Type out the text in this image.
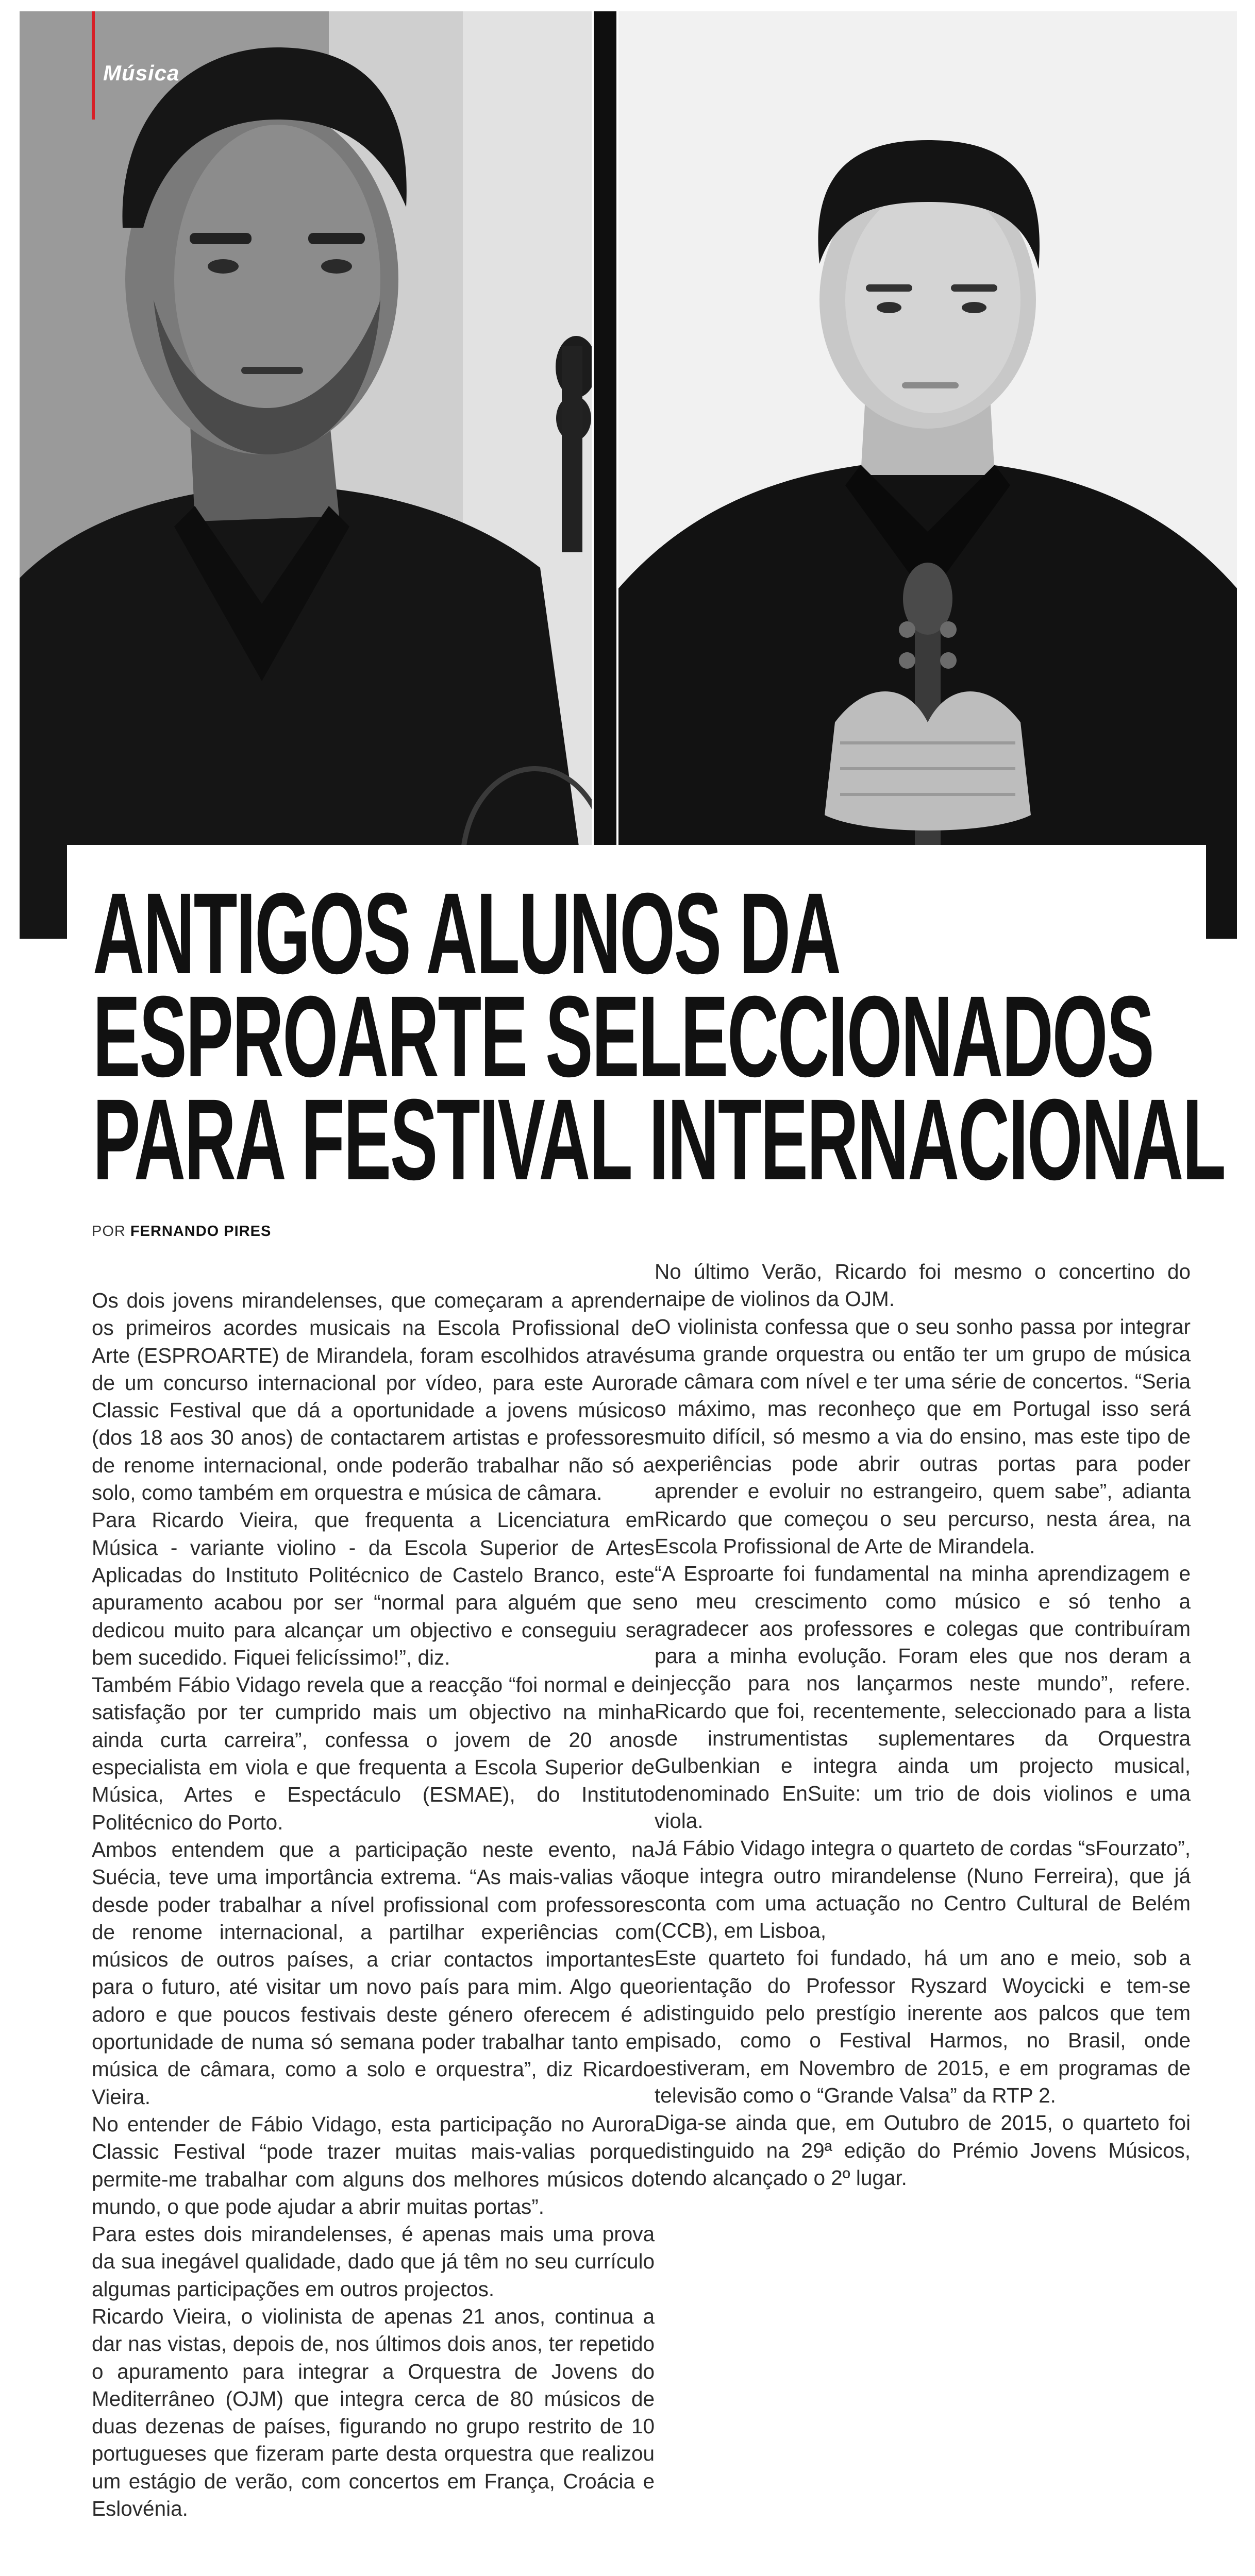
Música
ANTIGOS ALUNOS DA
ESPROARTE SELECCIONADOS
PARA FESTIVAL INTERNACIONAL
POR FERNANDO PIRES

Os dois jovens mirandelenses, que começaram a aprender os primeiros acordes musicais na Escola Profissional de Arte (ESPROARTE) de Mirandela, foram escolhidos através de um concurso internacional por vídeo, para este Aurora Classic Festival que dá a oportunidade a jovens músicos (dos 18 aos 30 anos) de contactarem artistas e professores de renome internacional, onde poderão trabalhar não só a solo, como também em orquestra e música de câmara.

Para Ricardo Vieira, que frequenta a Licenciatura em Música - variante violino - da Escola Superior de Artes Aplicadas do Instituto Politécnico de Castelo Branco, este apuramento acabou por ser “normal para alguém que se dedicou muito para alcançar um objectivo e conseguiu ser bem sucedido. Fiquei felicíssimo!”, diz.

Também Fábio Vidago revela que a reacção “foi normal e de satisfação por ter cumprido mais um objectivo na minha ainda curta carreira”, confessa o jovem de 20 anos especialista em viola e que frequenta a Escola Superior de Música, Artes e Espectáculo (ESMAE), do Instituto Politécnico do Porto.

Ambos entendem que a participação neste evento, na Suécia, teve uma importância extrema. “As mais-valias vão desde poder trabalhar a nível profissional com professores de renome internacional, a partilhar experiências com músicos de outros países, a criar contactos importantes para o futuro, até visitar um novo país para mim. Algo que adoro e que poucos festivais deste género oferecem é a oportunidade de numa só semana poder trabalhar tanto em música de câmara, como a solo e orquestra”, diz Ricardo Vieira.

No entender de Fábio Vidago, esta participação no Aurora Classic Festival “pode trazer muitas mais-valias porque permite-me trabalhar com alguns dos melhores músicos do mundo, o que pode ajudar a abrir muitas portas”.

Para estes dois mirandelenses, é apenas mais uma prova da sua inegável qualidade, dado que já têm no seu currículo algumas participações em outros projectos.

Ricardo Vieira, o violinista de apenas 21 anos, continua a dar nas vistas, depois de, nos últimos dois anos, ter repetido o apuramento para integrar a Orquestra de Jovens do Mediterrâneo (OJM) que integra cerca de 80 músicos de duas dezenas de países, figurando no grupo restrito de 10 portugueses que fizeram parte desta orquestra que realizou um estágio de verão, com concertos em França, Croácia e Eslovénia.

No último Verão, Ricardo foi mesmo o concertino do naipe de violinos da OJM.

O violinista confessa que o seu sonho passa por integrar uma grande orquestra ou então ter um grupo de música de câmara com nível e ter uma série de concertos. “Seria o máximo, mas reconheço que em Portugal isso será muito difícil, só mesmo a via do ensino, mas este tipo de experiências pode abrir outras portas para poder aprender e evoluir no estrangeiro, quem sabe”, adianta Ricardo que começou o seu percurso, nesta área, na Escola Profissional de Arte de Mirandela.

“A Esproarte foi fundamental na minha aprendizagem e no meu crescimento como músico e só tenho a agradecer aos professores e colegas que contribuíram para a minha evolução. Foram eles que nos deram a injecção para nos lançarmos neste mundo”, refere. Ricardo que foi, recentemente, seleccionado para a lista de instrumentistas suplementares da Orquestra Gulbenkian e integra ainda um projecto musical, denominado EnSuite: um trio de dois violinos e uma viola.

Já Fábio Vidago integra o quarteto de cordas “sFourzato”, que integra outro mirandelense (Nuno Ferreira), que já conta com uma actuação no Centro Cultural de Belém (CCB), em Lisboa,

Este quarteto foi fundado, há um ano e meio, sob a orientação do Professor Ryszard Woycicki e tem-se distinguido pelo prestígio inerente aos palcos que tem pisado, como o Festival Harmos, no Brasil, onde estiveram, em Novembro de 2015, e em programas de televisão como o “Grande Valsa” da RTP 2.

Diga-se ainda que, em Outubro de 2015, o quarteto foi distinguido na 29ª edição do Prémio Jovens Músicos, tendo alcançado o 2º lugar.
